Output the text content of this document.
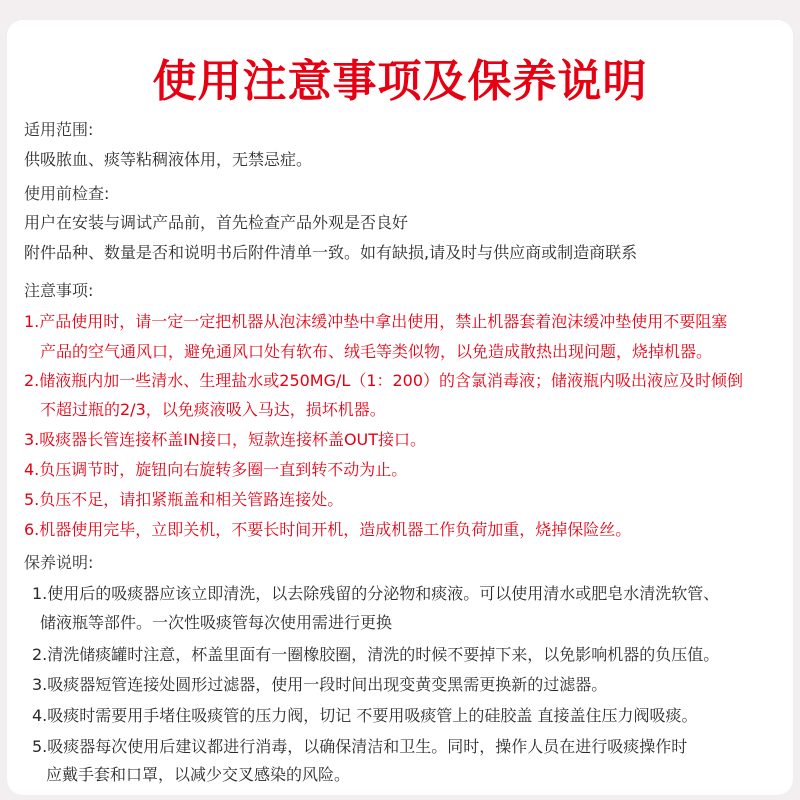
使用注意事项及保养说明
适用范围:
供吸脓血、痰等粘稠液体用，无禁忌症。
使用前检查:
用户在安装与调试产品前，首先检查产品外观是否良好
附件品种、数量是否和说明书后附件清单一致。如有缺损,请及时与供应商或制造商联系
注意事项:
1.产品使用时，请一定一定把机器从泡沫缓冲垫中拿出使用，禁止机器套着泡沫缓冲垫使用不要阻塞
产品的空气通风口，避免通风口处有软布、绒毛等类似物，以免造成散热出现问题，烧掉机器。
2.储液瓶内加一些清水、生理盐水或250MG/L（1：200）的含氯消毒液；储液瓶内吸出液应及时倾倒
不超过瓶的2/3，以免痰液吸入马达，损坏机器。
3.吸痰器长管连接杯盖IN接口，短款连接杯盖OUT接口。
4.负压调节时，旋钮向右旋转多圈一直到转不动为止。
5.负压不足，请扣紧瓶盖和相关管路连接处。
6.机器使用完毕，立即关机，不要长时间开机，造成机器工作负荷加重，烧掉保险丝。
保养说明:
1.使用后的吸痰器应该立即清洗，以去除残留的分泌物和痰液。可以使用清水或肥皂水清洗软管、
储液瓶等部件。一次性吸痰管每次使用需进行更换
2.清洗储痰罐时注意，杯盖里面有一圈橡胶圈，清洗的时候不要掉下来，以免影响机器的负压值。
3.吸痰器短管连接处圆形过滤器，使用一段时间出现变黄变黑需更换新的过滤器。
4.吸痰时需要用手堵住吸痰管的压力阀，切记 不要用吸痰管上的硅胶盖 直接盖住压力阀吸痰。
5.吸痰器每次使用后建议都进行消毒，以确保清洁和卫生。同时，操作人员在进行吸痰操作时
应戴手套和口罩，以减少交叉感染的风险。
